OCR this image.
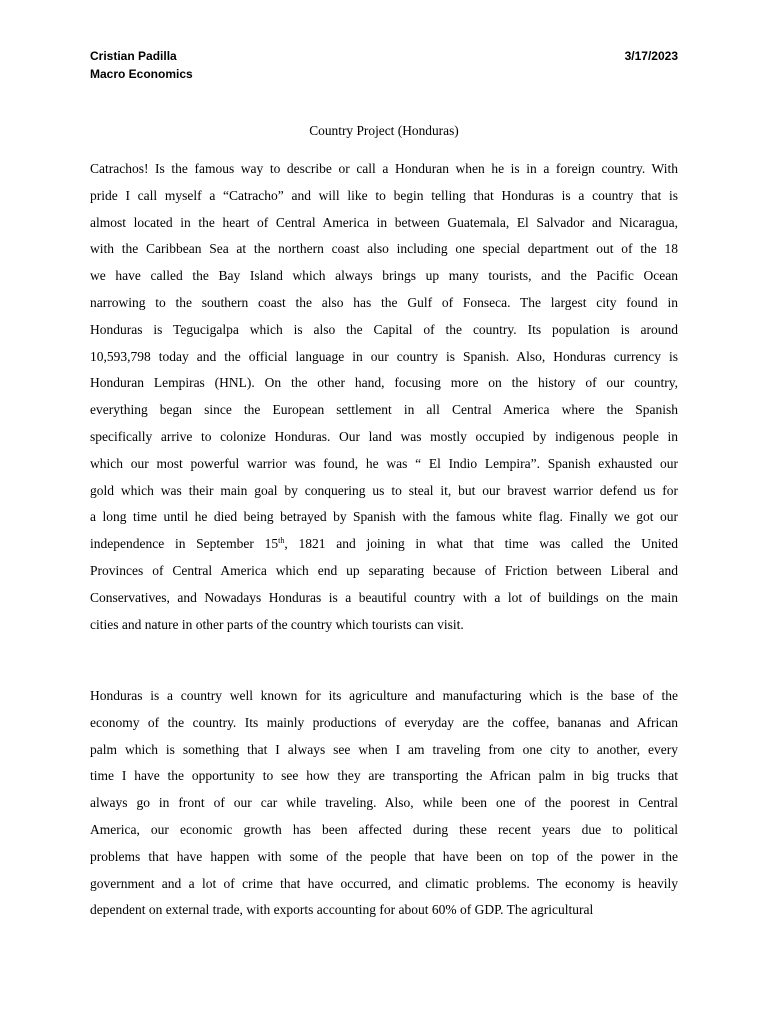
Cristian Padilla
Macro Economics
3/17/2023
Country Project (Honduras)

Catrachos! Is the famous way to describe or call a Honduran when he is in a foreign country. With
pride I call myself a “Catracho” and will like to begin telling that Honduras is a country that is
almost located in the heart of Central America in between Guatemala, El Salvador and Nicaragua,
with the Caribbean Sea at the northern coast also including one special department out of the 18
we have called the Bay Island which always brings up many tourists, and the Pacific Ocean
narrowing to the southern coast the also has the Gulf of Fonseca. The largest city found in
Honduras is Tegucigalpa which is also the Capital of the country. Its population is around
10,593,798 today and the official language in our country is Spanish. Also, Honduras currency is
Honduran Lempiras (HNL). On the other hand, focusing more on the history of our country,
everything began since the European settlement in all Central America where the Spanish
specifically arrive to colonize Honduras. Our land was mostly occupied by indigenous people in
which our most powerful warrior was found, he was “ El Indio Lempira”. Spanish exhausted our
gold which was their main goal by conquering us to steal it, but our bravest warrior defend us for
a long time until he died being betrayed by Spanish with the famous white flag. Finally we got our
independence in September 15th, 1821 and joining in what that time was called the United
Provinces of Central America which end up separating because of Friction between Liberal and
Conservatives, and Nowadays Honduras is a beautiful country with a lot of buildings on the main
cities and nature in other parts of the country which tourists can visit.

Honduras is a country well known for its agriculture and manufacturing which is the base of the
economy of the country. Its mainly productions of everyday are the coffee, bananas and African
palm which is something that I always see when I am traveling from one city to another, every
time I have the opportunity to see how they are transporting the African palm in big trucks that
always go in front of our car while traveling. Also, while been one of the poorest in Central
America, our economic growth has been affected during these recent years due to political
problems that have happen with some of the people that have been on top of the power in the
government and a lot of crime that have occurred, and climatic problems. The economy is heavily
dependent on external trade, with exports accounting for about 60% of GDP. The agricultural
